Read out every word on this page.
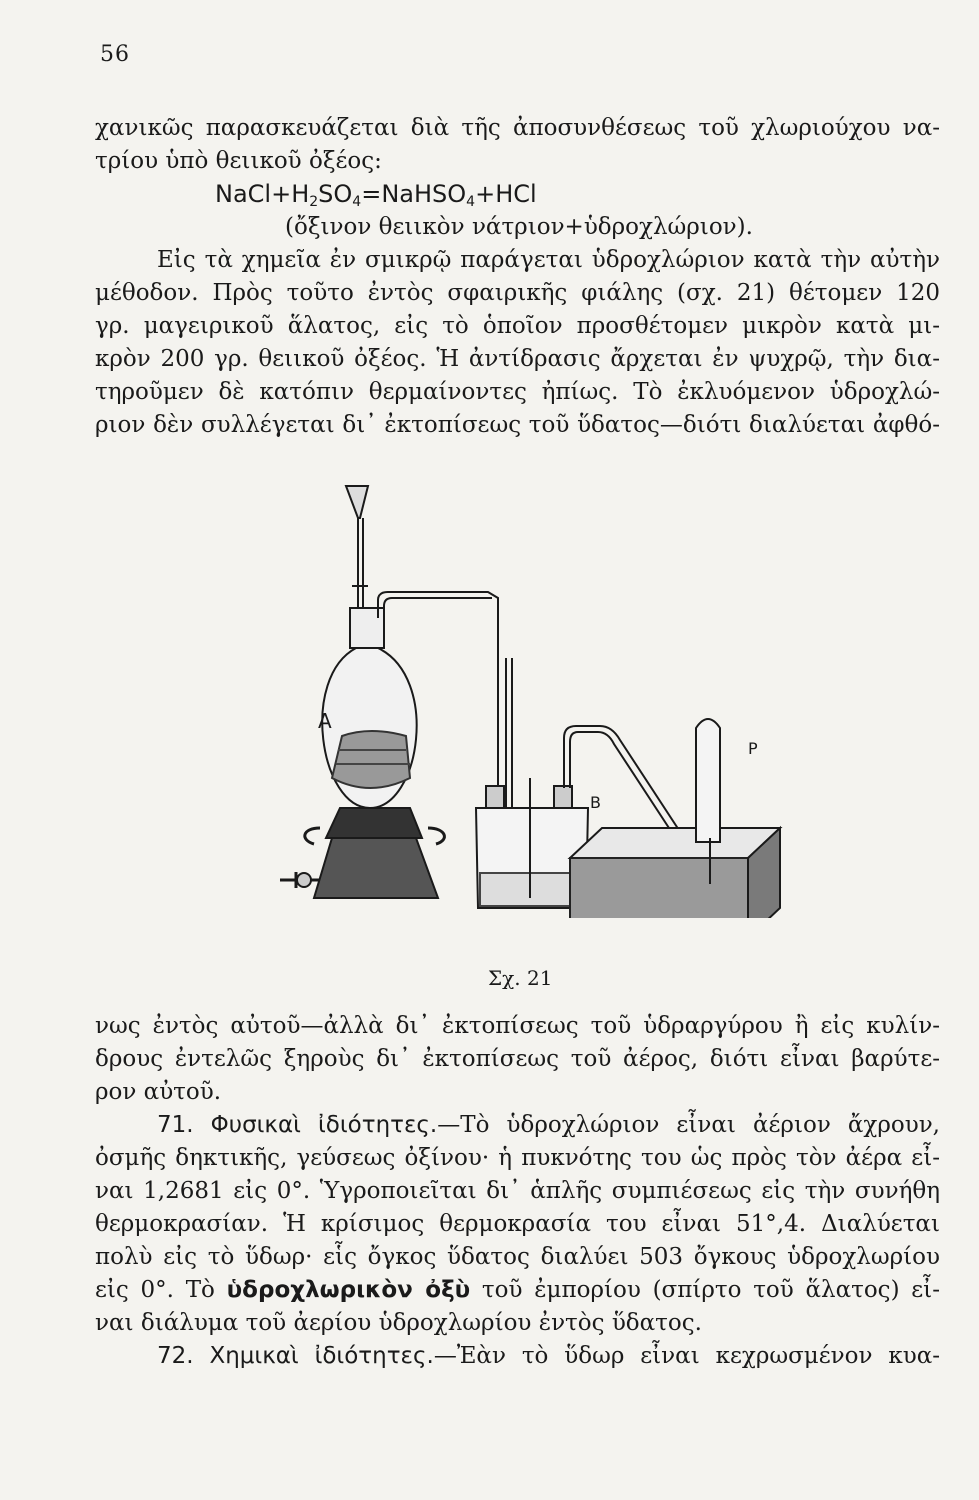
56
χανικῶς παρασκευάζεται διὰ τῆς ἀποσυνθέσεως τοῦ χλωριούχου να-
τρίου ὑπὸ θειικοῦ ὀξέος:
$NaCl+H_2SO_4=NaHSO_4+HCl$
(ὄξινον θειικὸν νάτριον+ὑδροχλώριον).
Εἰς τὰ χημεῖα ἐν σμικρῷ παράγεται ὑδροχλώριον κατὰ τὴν αὐτὴν
μέθοδον. Πρὸς τοῦτο ἐντὸς σφαιρικῆς φιάλης (σχ. 21) θέτομεν 120
γρ. μαγειρικοῦ ἅλατος, εἰς τὸ ὁποῖον προσθέτομεν μικρὸν κατὰ μι-
κρὸν 200 γρ. θειικοῦ ὀξέος. Ἡ ἀντίδρασις ἄρχεται ἐν ψυχρῷ, τὴν δια-
τηροῦμεν δὲ κατόπιν θερμαίνοντες ἠπίως. Τὸ ἐκλυόμενον ὑδροχλώ-
ριον δὲν συλλέγεται δι᾽ ἐκτοπίσεως τοῦ ὕδατος—διότι διαλύεται ἀφθό-
A
B
P
Σχ. 21
νως ἐντὸς αὐτοῦ—ἀλλὰ δι᾽ ἐκτοπίσεως τοῦ ὑδραργύρου ἢ εἰς κυλίν-
δρους ἐντελῶς ξηροὺς δι᾽ ἐκτοπίσεως τοῦ ἀέρος, διότι εἶναι βαρύτε-
ρον αὐτοῦ.
71. Φυσικαὶ ἰδιότητες.—Τὸ ὑδροχλώριον εἶναι ἀέριον ἄχρουν,
ὀσμῆς δηκτικῆς, γεύσεως ὀξίνου· ἡ πυκνότης του ὡς πρὸς τὸν ἀέρα εἶ-
ναι 1,2681 εἰς 0°. Ὑγροποιεῖται δι᾽ ἁπλῆς συμπιέσεως εἰς τὴν συνήθη
θερμοκρασίαν. Ἡ κρίσιμος θερμοκρασία του εἶναι 51°,4. Διαλύεται
πολὺ εἰς τὸ ὕδωρ· εἷς ὄγκος ὕδατος διαλύει 503 ὄγκους ὑδροχλωρίου
εἰς 0°. Τὸ ὑδροχλωρικὸν ὀξὺ τοῦ ἐμπορίου (σπίρτο τοῦ ἅλατος) εἶ-
ναι διάλυμα τοῦ ἀερίου ὑδροχλωρίου ἐντὸς ὕδατος.
72. Χημικαὶ ἰδιότητες.—Ἐὰν τὸ ὕδωρ εἶναι κεχρωσμένον κυα-
